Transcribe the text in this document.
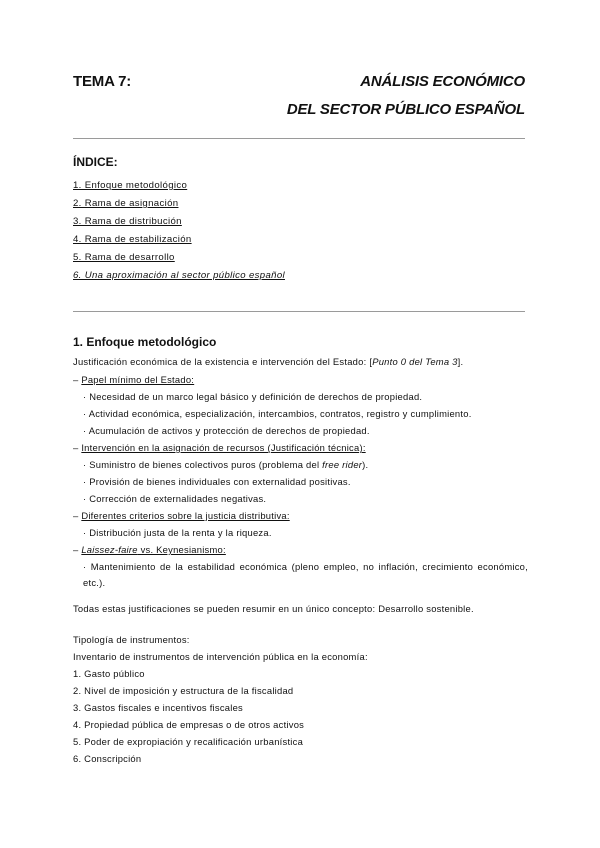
TEMA 7:	ANÁLISIS ECONÓMICO
DEL SECTOR PÚBLICO ESPAÑOL
ÍNDICE:
1. Enfoque metodológico
2. Rama de asignación
3. Rama de distribución
4. Rama de estabilización
5. Rama de desarrollo
6. Una aproximación al sector público español
1. Enfoque metodológico
Justificación económica de la existencia e intervención del Estado: [Punto 0 del Tema 3].
– Papel mínimo del Estado:
· Necesidad de un marco legal básico y definición de derechos de propiedad.
· Actividad económica, especialización, intercambios, contratos, registro y cumplimiento.
· Acumulación de activos y protección de derechos de propiedad.
– Intervención en la asignación de recursos (Justificación técnica):
· Suministro de bienes colectivos puros (problema del free rider).
· Provisión de bienes individuales con externalidad positivas.
· Corrección de externalidades negativas.
– Diferentes criterios sobre la justicia distributiva:
· Distribución justa de la renta y la riqueza.
– Laissez-faire vs. Keynesianismo:
· Mantenimiento de la estabilidad económica (pleno empleo, no inflación, crecimiento económico, etc.).
Todas estas justificaciones se pueden resumir en un único concepto: Desarrollo sostenible.
Tipología de instrumentos:
Inventario de instrumentos de intervención pública en la economía:
1. Gasto público
2. Nivel de imposición y estructura de la fiscalidad
3. Gastos fiscales e incentivos fiscales
4. Propiedad pública de empresas o de otros activos
5. Poder de expropiación y recalificación urbanística
6. Conscripción
